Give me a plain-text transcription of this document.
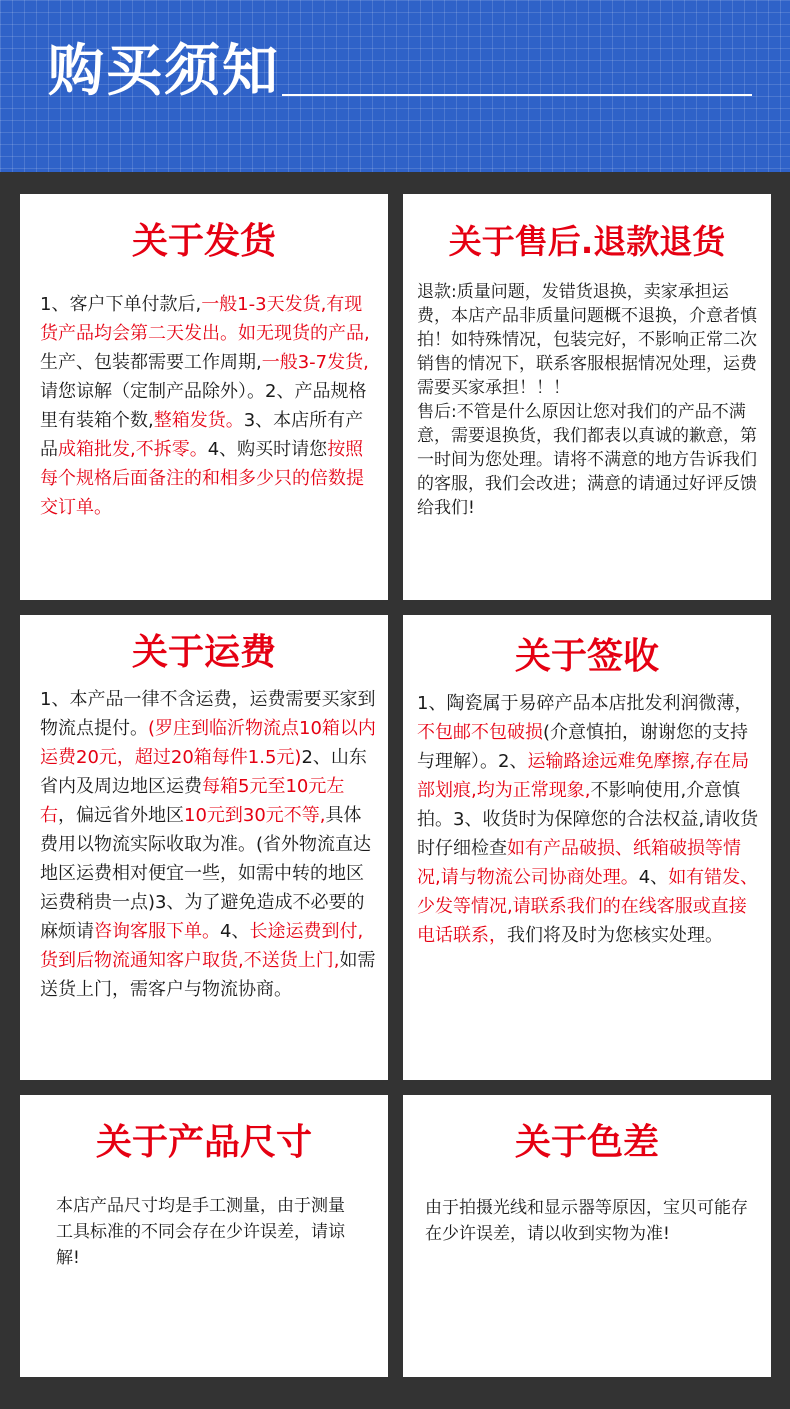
购买须知
关于发货
1、客户下单付款后,一般1-3天发货,有现货产品均会第二天发出。如无现货的产品,生产、包装都需要工作周期,一般3-7发货,请您谅解（定制产品除外）。2、产品规格里有装箱个数,整箱发货。3、本店所有产品成箱批发,不拆零。4、购买时请您按照每个规格后面备注的和相多少只的倍数提交订单。
关于售后.退款退货
退款:质量问题，发错货退换，卖家承担运费，本店产品非质量问题概不退换，介意者慎拍！如特殊情况，包装完好，不影响正常二次销售的情况下，联系客服根据情况处理，运费需要买家承担！！！
售后:不管是什么原因让您对我们的产品不满意，需要退换货，我们都表以真诚的歉意，第一时间为您处理。请将不满意的地方告诉我们的客服，我们会改进；满意的请通过好评反馈给我们!
关于运费
1、本产品一律不含运费，运费需要买家到物流点提付。(罗庄到临沂物流点10箱以内运费20元，超过20箱每件1.5元)2、山东省内及周边地区运费每箱5元至10元左右，偏远省外地区10元到30元不等,具体费用以物流实际收取为准。(省外物流直达地区运费相对便宜一些，如需中转的地区运费稍贵一点)3、为了避免造成不必要的麻烦请咨询客服下单。4、长途运费到付,货到后物流通知客户取货,不送货上门,如需送货上门，需客户与物流协商。
关于签收
1、陶瓷属于易碎产品本店批发利润微薄，不包邮不包破损(介意慎拍，谢谢您的支持与理解）。2、运输路途远难免摩擦,存在局部划痕,均为正常现象,不影响使用,介意慎拍。3、收货时为保障您的合法权益,请收货时仔细检查如有产品破损、纸箱破损等情况,请与物流公司协商处理。4、如有错发、少发等情况,请联系我们的在线客服或直接电话联系，我们将及时为您核实处理。
关于产品尺寸
本店产品尺寸均是手工测量，由于测量工具标准的不同会存在少许误差，请谅解!
关于色差
由于拍摄光线和显示器等原因，宝贝可能存在少许误差，请以收到实物为准!
